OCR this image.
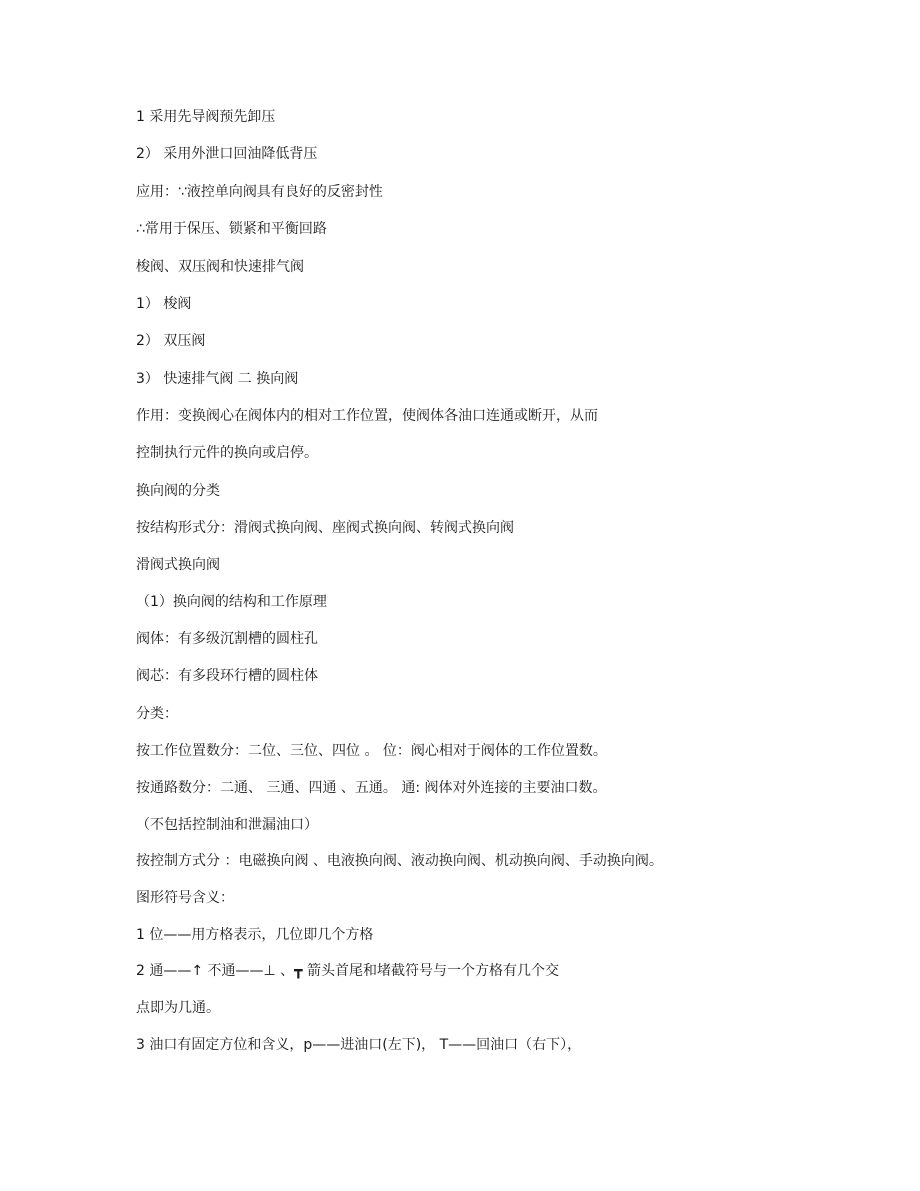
1 采用先导阀预先卸压
2） 采用外泄口回油降低背压
应用：∵液控单向阀具有良好的反密封性
∴常用于保压、锁紧和平衡回路
梭阀、双压阀和快速排气阀
1） 梭阀
2） 双压阀
3） 快速排气阀 二 换向阀
作用：变换阀心在阀体内的相对工作位置，使阀体各油口连通或断开，从而
控制执行元件的换向或启停。
换向阀的分类
按结构形式分：滑阀式换向阀、座阀式换向阀、转阀式换向阀
滑阀式换向阀
（1）换向阀的结构和工作原理
阀体：有多级沉割槽的圆柱孔
阀芯：有多段环行槽的圆柱体
分类：
按工作位置数分：二位、三位、四位 。 位：阀心相对于阀体的工作位置数。
按通路数分：二通、 三通、四通 、五通。 通: 阀体对外连接的主要油口数。
（不包括控制油和泄漏油口）
按控制方式分 ：电磁换向阀 、电液换向阀、液动换向阀、机动换向阀、手动换向阀。
图形符号含义：
1 位——用方格表示，几位即几个方格
2 通——↑ 不通——⊥ 、┳ 箭头首尾和堵截符号与一个方格有几个交
点即为几通。
3 油口有固定方位和含义，p——进油口(左下)， T——回油口（右下），
